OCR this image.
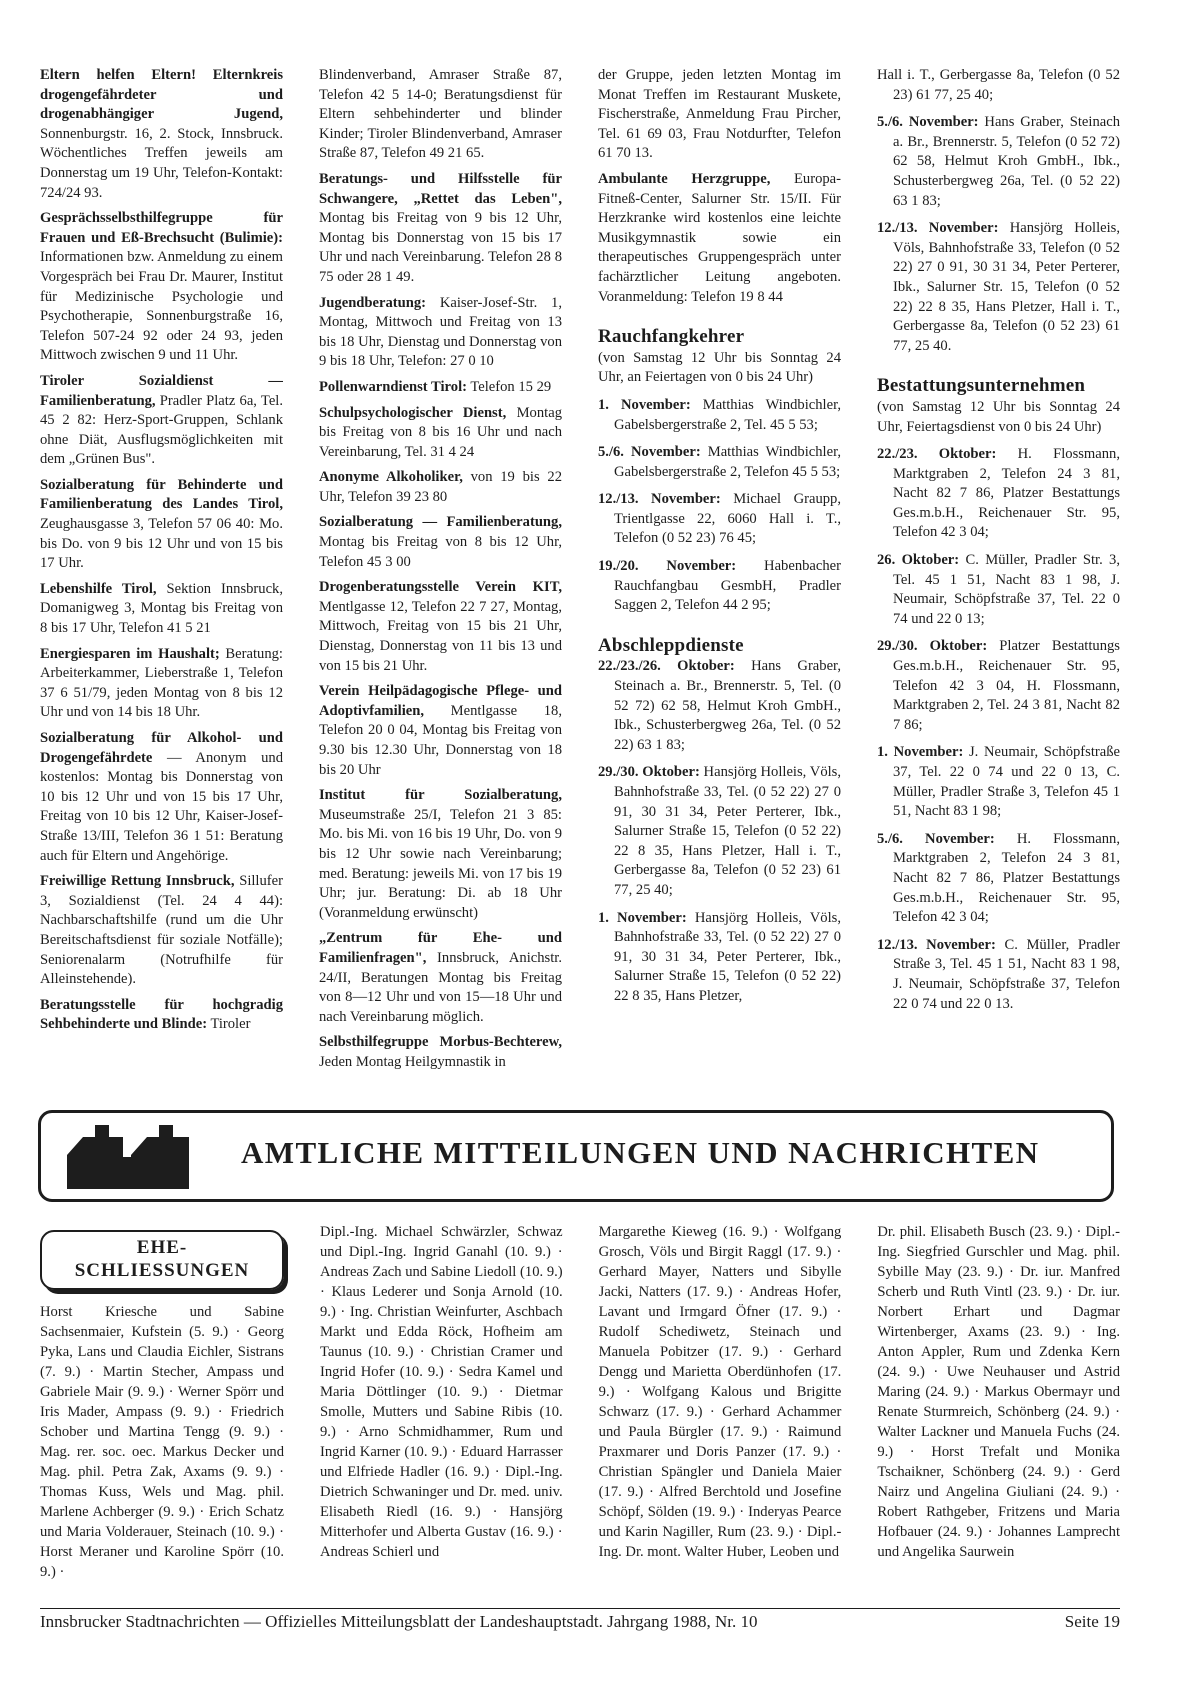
Eltern helfen Eltern! Elternkreis drogengefährdeter und drogenabhängiger Jugend, Sonnenburgstr. 16, 2. Stock, Innsbruck. Wöchentliches Treffen jeweils am Donnerstag um 19 Uhr, Telefon-Kontakt: 724/24 93.
Gesprächsselbsthilfegruppe für Frauen und Eß-Brechsucht (Bulimie): Informationen bzw. Anmeldung zu einem Vorgespräch bei Frau Dr. Maurer, Institut für Medizinische Psychologie und Psychotherapie, Sonnenburgstraße 16, Telefon 507-24 92 oder 24 93, jeden Mittwoch zwischen 9 und 11 Uhr.
Tiroler Sozialdienst — Familienberatung, Pradler Platz 6a, Tel. 45 2 82: Herz-Sport-Gruppen, Schlank ohne Diät, Ausflugsmöglichkeiten mit dem „Grünen Bus".
Sozialberatung für Behinderte und Familienberatung des Landes Tirol, Zeughausgasse 3, Telefon 57 06 40: Mo. bis Do. von 9 bis 12 Uhr und von 15 bis 17 Uhr.
Lebenshilfe Tirol, Sektion Innsbruck, Domanigweg 3, Montag bis Freitag von 8 bis 17 Uhr, Telefon 41 5 21
Energiesparen im Haushalt; Beratung: Arbeiterkammer, Lieberstraße 1, Telefon 37 6 51/79, jeden Montag von 8 bis 12 Uhr und von 14 bis 18 Uhr.
Sozialberatung für Alkohol- und Drogengefährdete — Anonym und kostenlos: Montag bis Donnerstag von 10 bis 12 Uhr und von 15 bis 17 Uhr, Freitag von 10 bis 12 Uhr, Kaiser-Josef-Straße 13/III, Telefon 36 1 51: Beratung auch für Eltern und Angehörige.
Freiwillige Rettung Innsbruck, Sillufer 3, Sozialdienst (Tel. 24 4 44): Nachbarschaftshilfe (rund um die Uhr Bereitschaftsdienst für soziale Notfälle); Seniorenalarm (Notrufhilfe für Alleinstehende).
Beratungsstelle für hochgradig Sehbehinderte und Blinde: Tiroler
Blindenverband, Amraser Straße 87, Telefon 42 5 14-0; Beratungsdienst für Eltern sehbehinderter und blinder Kinder; Tiroler Blindenverband, Amraser Straße 87, Telefon 49 21 65.
Beratungs- und Hilfsstelle für Schwangere, „Rettet das Leben", Montag bis Freitag von 9 bis 12 Uhr, Montag bis Donnerstag von 15 bis 17 Uhr und nach Vereinbarung. Telefon 28 8 75 oder 28 1 49.
Jugendberatung: Kaiser-Josef-Str. 1, Montag, Mittwoch und Freitag von 13 bis 18 Uhr, Dienstag und Donnerstag von 9 bis 18 Uhr, Telefon: 27 0 10
Pollenwarndienst Tirol: Telefon 15 29
Schulpsychologischer Dienst, Montag bis Freitag von 8 bis 16 Uhr und nach Vereinbarung, Tel. 31 4 24
Anonyme Alkoholiker, von 19 bis 22 Uhr, Telefon 39 23 80
Sozialberatung — Familienberatung, Montag bis Freitag von 8 bis 12 Uhr, Telefon 45 3 00
Drogenberatungsstelle Verein KIT, Mentlgasse 12, Telefon 22 7 27, Montag, Mittwoch, Freitag von 15 bis 21 Uhr, Dienstag, Donnerstag von 11 bis 13 und von 15 bis 21 Uhr.
Verein Heilpädagogische Pflege- und Adoptivfamilien, Mentlgasse 18, Telefon 20 0 04, Montag bis Freitag von 9.30 bis 12.30 Uhr, Donnerstag von 18 bis 20 Uhr
Institut für Sozialberatung, Museumstraße 25/I, Telefon 21 3 85: Mo. bis Mi. von 16 bis 19 Uhr, Do. von 9 bis 12 Uhr sowie nach Vereinbarung; med. Beratung: jeweils Mi. von 17 bis 19 Uhr; jur. Beratung: Di. ab 18 Uhr (Voranmeldung erwünscht)
„Zentrum für Ehe- und Familienfragen", Innsbruck, Anichstr. 24/II, Beratungen Montag bis Freitag von 8—12 Uhr und von 15—18 Uhr und nach Vereinbarung möglich.
Selbsthilfegruppe Morbus-Bechterew, Jeden Montag Heilgymnastik in
der Gruppe, jeden letzten Montag im Monat Treffen im Restaurant Muskete, Fischerstraße, Anmeldung Frau Pircher, Tel. 61 69 03, Frau Notdurfter, Telefon 61 70 13.
Ambulante Herzgruppe, Europa-Fitneß-Center, Salurner Str. 15/II. Für Herzkranke wird kostenlos eine leichte Musikgymnastik sowie ein therapeutisches Gruppengespräch unter fachärztlicher Leitung angeboten. Voranmeldung: Telefon 19 8 44
Rauchfangkehrer
(von Samstag 12 Uhr bis Sonntag 24 Uhr, an Feiertagen von 0 bis 24 Uhr)
1. November: Matthias Windbichler, Gabelsbergerstraße 2, Tel. 45 5 53;
5./6. November: Matthias Windbichler, Gabelsbergerstraße 2, Telefon 45 5 53;
12./13. November: Michael Graupp, Trientlgasse 22, 6060 Hall i. T., Telefon (0 52 23) 76 45;
19./20. November: Habenbacher Rauchfangbau GesmbH, Pradler Saggen 2, Telefon 44 2 95;
Abschleppdienste
22./23./26. Oktober: Hans Graber, Steinach a. Br., Brennerstr. 5, Tel. (0 52 72) 62 58, Helmut Kroh GmbH., Ibk., Schusterbergweg 26a, Tel. (0 52 22) 63 1 83;
29./30. Oktober: Hansjörg Holleis, Völs, Bahnhofstraße 33, Tel. (0 52 22) 27 0 91, 30 31 34, Peter Perterer, Ibk., Salurner Straße 15, Telefon (0 52 22) 22 8 35, Hans Pletzer, Hall i. T., Gerbergasse 8a, Telefon (0 52 23) 61 77, 25 40;
1. November: Hansjörg Holleis, Völs, Bahnhofstraße 33, Tel. (0 52 22) 27 0 91, 30 31 34, Peter Perterer, Ibk., Salurner Straße 15, Telefon (0 52 22) 22 8 35, Hans Pletzer,
Hall i. T., Gerbergasse 8a, Telefon (0 52 23) 61 77, 25 40;
5./6. November: Hans Graber, Steinach a. Br., Brennerstr. 5, Telefon (0 52 72) 62 58, Helmut Kroh GmbH., Ibk., Schusterbergweg 26a, Tel. (0 52 22) 63 1 83;
12./13. November: Hansjörg Holleis, Völs, Bahnhofstraße 33, Telefon (0 52 22) 27 0 91, 30 31 34, Peter Perterer, Ibk., Salurner Str. 15, Telefon (0 52 22) 22 8 35, Hans Pletzer, Hall i. T., Gerbergasse 8a, Telefon (0 52 23) 61 77, 25 40.
Bestattungsunternehmen
(von Samstag 12 Uhr bis Sonntag 24 Uhr, Feiertagsdienst von 0 bis 24 Uhr)
22./23. Oktober: H. Flossmann, Marktgraben 2, Telefon 24 3 81, Nacht 82 7 86, Platzer Bestattungs Ges.m.b.H., Reichenauer Str. 95, Telefon 42 3 04;
26. Oktober: C. Müller, Pradler Str. 3, Tel. 45 1 51, Nacht 83 1 98, J. Neumair, Schöpfstraße 37, Tel. 22 0 74 und 22 0 13;
29./30. Oktober: Platzer Bestattungs Ges.m.b.H., Reichenauer Str. 95, Telefon 42 3 04, H. Flossmann, Marktgraben 2, Tel. 24 3 81, Nacht 82 7 86;
1. November: J. Neumair, Schöpfstraße 37, Tel. 22 0 74 und 22 0 13, C. Müller, Pradler Straße 3, Telefon 45 1 51, Nacht 83 1 98;
5./6. November: H. Flossmann, Marktgraben 2, Telefon 24 3 81, Nacht 82 7 86, Platzer Bestattungs Ges.m.b.H., Reichenauer Str. 95, Telefon 42 3 04;
12./13. November: C. Müller, Pradler Straße 3, Tel. 45 1 51, Nacht 83 1 98, J. Neumair, Schöpfstraße 37, Telefon 22 0 74 und 22 0 13.
AMTLICHE MITTEILUNGEN UND NACHRICHTEN
EHE-
SCHLIESSUNGEN
Horst Kriesche und Sabine Sachsenmaier, Kufstein (5. 9.) · Georg Pyka, Lans und Claudia Eichler, Sistrans (7. 9.) · Martin Stecher, Ampass und Gabriele Mair (9. 9.) · Werner Spörr und Iris Mader, Ampass (9. 9.) · Friedrich Schober und Martina Tengg (9. 9.) · Mag. rer. soc. oec. Markus Decker und Mag. phil. Petra Zak, Axams (9. 9.) · Thomas Kuss, Wels und Mag. phil. Marlene Achberger (9. 9.) · Erich Schatz und Maria Volderauer, Steinach (10. 9.) · Horst Meraner und Karoline Spörr (10. 9.) ·
Dipl.-Ing. Michael Schwärzler, Schwaz und Dipl.-Ing. Ingrid Ganahl (10. 9.) · Andreas Zach und Sabine Liedoll (10. 9.) · Klaus Lederer und Sonja Arnold (10. 9.) · Ing. Christian Weinfurter, Aschbach Markt und Edda Röck, Hofheim am Taunus (10. 9.) · Christian Cramer und Ingrid Hofer (10. 9.) · Sedra Kamel und Maria Döttlinger (10. 9.) · Dietmar Smolle, Mutters und Sabine Ribis (10. 9.) · Arno Schmidhammer, Rum und Ingrid Karner (10. 9.) · Eduard Harrasser und Elfriede Hadler (16. 9.) · Dipl.-Ing. Dietrich Schwaninger und Dr. med. univ. Elisabeth Riedl (16. 9.) · Hansjörg Mitterhofer und Alberta Gustav (16. 9.) · Andreas Schierl und
Margarethe Kieweg (16. 9.) · Wolfgang Grosch, Völs und Birgit Raggl (17. 9.) · Gerhard Mayer, Natters und Sibylle Jacki, Natters (17. 9.) · Andreas Hofer, Lavant und Irmgard Öfner (17. 9.) · Rudolf Schediwetz, Steinach und Manuela Pobitzer (17. 9.) · Gerhard Dengg und Marietta Oberdünhofen (17. 9.) · Wolfgang Kalous und Brigitte Schwarz (17. 9.) · Gerhard Achammer und Paula Bürgler (17. 9.) · Raimund Praxmarer und Doris Panzer (17. 9.) · Christian Spängler und Daniela Maier (17. 9.) · Alfred Berchtold und Josefine Schöpf, Sölden (19. 9.) · Inderyas Pearce und Karin Nagiller, Rum (23. 9.) · Dipl.-Ing. Dr. mont. Walter Huber, Leoben und
Dr. phil. Elisabeth Busch (23. 9.) · Dipl.-Ing. Siegfried Gurschler und Mag. phil. Sybille May (23. 9.) · Dr. iur. Manfred Scherb und Ruth Vintl (23. 9.) · Dr. iur. Norbert Erhart und Dagmar Wirtenberger, Axams (23. 9.) · Ing. Anton Appler, Rum und Zdenka Kern (24. 9.) · Uwe Neuhauser und Astrid Maring (24. 9.) · Markus Obermayr und Renate Sturmreich, Schönberg (24. 9.) · Walter Lackner und Manuela Fuchs (24. 9.) · Horst Trefalt und Monika Tschaikner, Schönberg (24. 9.) · Gerd Nairz und Angelina Giuliani (24. 9.) · Robert Rathgeber, Fritzens und Maria Hofbauer (24. 9.) · Johannes Lamprecht und Angelika Saurwein
Innsbrucker Stadtnachrichten — Offizielles Mitteilungsblatt der Landeshauptstadt. Jahrgang 1988, Nr. 10	Seite 19
